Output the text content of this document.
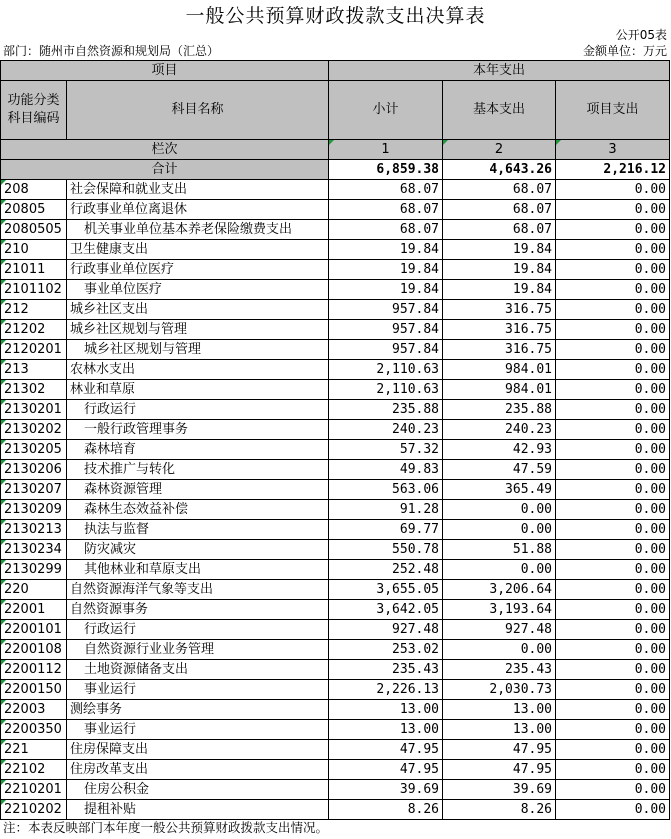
一般公共预算财政拨款支出决算表
公开05表
部门：随州市自然资源和规划局（汇总）	金额单位：万元
项目		本年支出		
功能分类科目编码	科目名称	小计	基本支出	项目支出
栏次		1	2	3
合计		6,859.38	4,643.26	2,216.12

208	社会保障和就业支出	68.07	68.07	0.00

20805	行政事业单位离退休	68.07	68.07	0.00

2080505	机关事业单位基本养老保险缴费支出	68.07	68.07	0.00

210	卫生健康支出	19.84	19.84	0.00

21011	行政事业单位医疗	19.84	19.84	0.00

2101102	事业单位医疗	19.84	19.84	0.00

212	城乡社区支出	957.84	316.75	0.00

21202	城乡社区规划与管理	957.84	316.75	0.00

2120201	城乡社区规划与管理	957.84	316.75	0.00

213	农林水支出	2,110.63	984.01	0.00

21302	林业和草原	2,110.63	984.01	0.00

2130201	行政运行	235.88	235.88	0.00

2130202	一般行政管理事务	240.23	240.23	0.00

2130205	森林培育	57.32	42.93	0.00

2130206	技术推广与转化	49.83	47.59	0.00

2130207	森林资源管理	563.06	365.49	0.00

2130209	森林生态效益补偿	91.28	0.00	0.00

2130213	执法与监督	69.77	0.00	0.00

2130234	防灾减灾	550.78	51.88	0.00

2130299	其他林业和草原支出	252.48	0.00	0.00

220	自然资源海洋气象等支出	3,655.05	3,206.64	0.00

22001	自然资源事务	3,642.05	3,193.64	0.00

2200101	行政运行	927.48	927.48	0.00

2200108	自然资源行业业务管理	253.02	0.00	0.00

2200112	土地资源储备支出	235.43	235.43	0.00

2200150	事业运行	2,226.13	2,030.73	0.00

22003	测绘事务	13.00	13.00	0.00

2200350	事业运行	13.00	13.00	0.00

221	住房保障支出	47.95	47.95	0.00

22102	住房改革支出	47.95	47.95	0.00

2210201	住房公积金	39.69	39.69	0.00

2210202	提租补贴	8.26	8.26	0.00
注：本表反映部门本年度一般公共预算财政拨款支出情况。
